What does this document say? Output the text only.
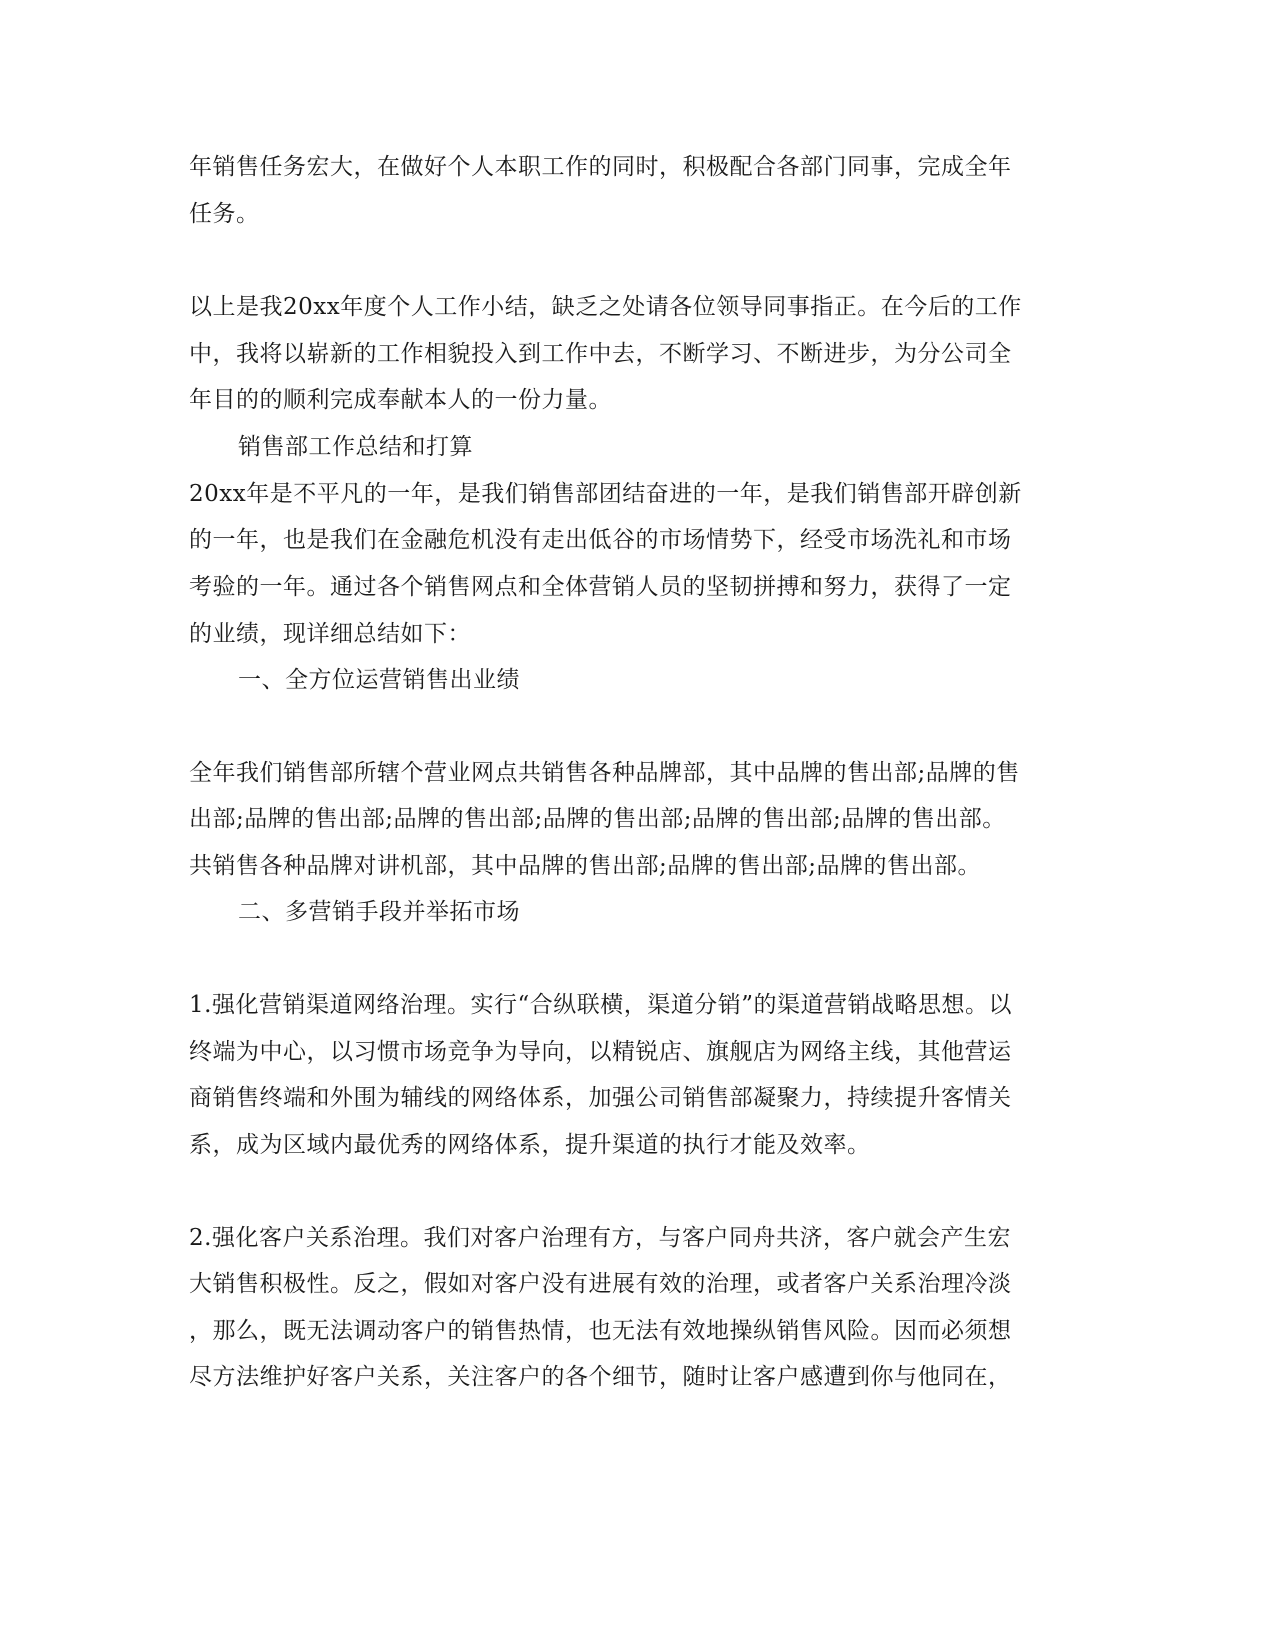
年销售任务宏大，在做好个人本职工作的同时，积极配合各部门同事，完成全年
任务。
以上是我20xx年度个人工作小结，缺乏之处请各位领导同事指正。在今后的工作
中，我将以崭新的工作相貌投入到工作中去，不断学习、不断进步，为分公司全
年目的的顺利完成奉献本人的一份力量。
销售部工作总结和打算
20xx年是不平凡的一年，是我们销售部团结奋进的一年，是我们销售部开辟创新
的一年，也是我们在金融危机没有走出低谷的市场情势下，经受市场洗礼和市场
考验的一年。通过各个销售网点和全体营销人员的坚韧拼搏和努力，获得了一定
的业绩，现详细总结如下：
一、全方位运营销售出业绩
全年我们销售部所辖个营业网点共销售各种品牌部，其中品牌的售出部;品牌的售
出部;品牌的售出部;品牌的售出部;品牌的售出部;品牌的售出部;品牌的售出部。
共销售各种品牌对讲机部，其中品牌的售出部;品牌的售出部;品牌的售出部。
二、多营销手段并举拓市场
1.强化营销渠道网络治理。实行“合纵联横，渠道分销”的渠道营销战略思想。以
终端为中心，以习惯市场竞争为导向，以精锐店、旗舰店为网络主线，其他营运
商销售终端和外围为辅线的网络体系，加强公司销售部凝聚力，持续提升客情关
系，成为区域内最优秀的网络体系，提升渠道的执行才能及效率。
2.强化客户关系治理。我们对客户治理有方，与客户同舟共济，客户就会产生宏
大销售积极性。反之，假如对客户没有进展有效的治理，或者客户关系治理冷淡
，那么，既无法调动客户的销售热情，也无法有效地操纵销售风险。因而必须想
尽方法维护好客户关系，关注客户的各个细节，随时让客户感遭到你与他同在，
